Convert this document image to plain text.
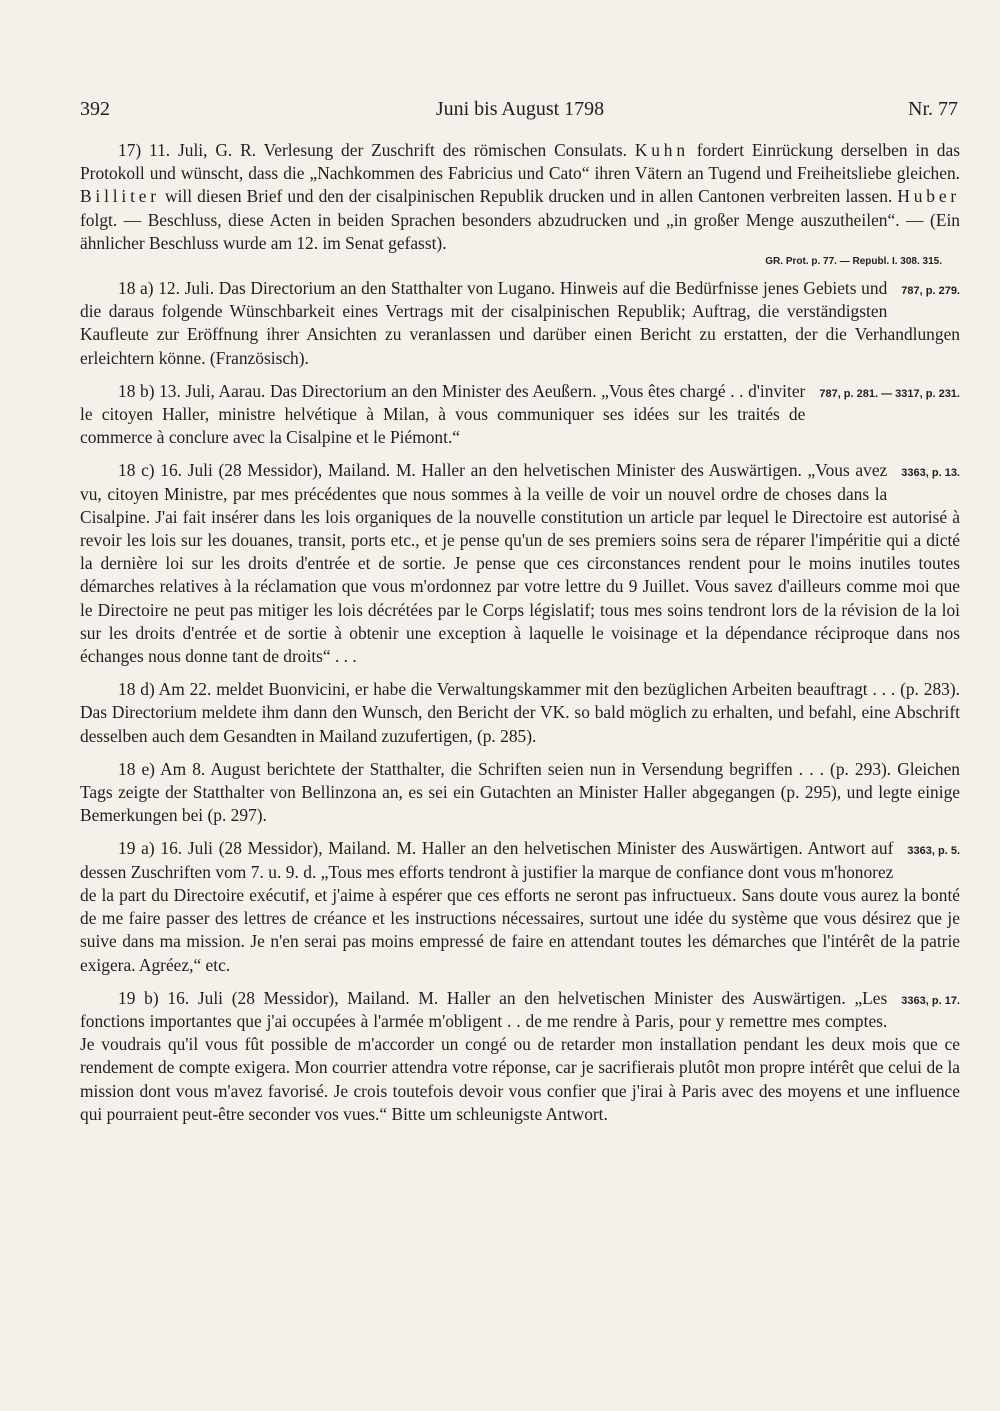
Juni bis August 1798
392	Nr. 77

17) 11. Juli, G. R. Verlesung der Zuschrift des römischen Consulats. Kuhn fordert Einrückung derselben in das Protokoll und wünscht, dass die „Nachkommen des Fabricius und Cato“ ihren Vätern an Tugend und Freiheitsliebe gleichen. Billiter will diesen Brief und den der cisalpinischen Republik drucken und in allen Cantonen verbreiten lassen. Huber folgt. — Beschluss, diese Acten in beiden Sprachen besonders abzudrucken und „in großer Menge auszutheilen“. — (Ein ähnlicher Beschluss wurde am 12. im Senat gefasst).

GR. Prot. p. 77. — Republ. I. 308. 315.

787, p. 279.
18 a) 12. Juli. Das Directorium an den Statthalter von Lugano. Hinweis auf die Bedürfnisse jenes Gebiets und die daraus folgende Wünschbarkeit eines Vertrags mit der cisalpinischen Republik; Auftrag, die verständigsten Kaufleute zur Eröffnung ihrer Ansichten zu veranlassen und darüber einen Bericht zu erstatten, der die Verhandlungen erleichtern könne. (Französisch).

787, p. 281. — 3317, p. 231.
18 b) 13. Juli, Aarau. Das Directorium an den Minister des Aeußern. „Vous êtes chargé . . d'inviter le citoyen Haller, ministre helvétique à Milan, à vous communiquer ses idées sur les traités de commerce à conclure avec la Cisalpine et le Piémont.“

3363, p. 13.
18 c) 16. Juli (28 Messidor), Mailand. M. Haller an den helvetischen Minister des Auswärtigen. „Vous avez vu, citoyen Ministre, par mes précédentes que nous sommes à la veille de voir un nouvel ordre de choses dans la Cisalpine. J'ai fait insérer dans les lois organiques de la nouvelle constitution un article par lequel le Directoire est autorisé à revoir les lois sur les douanes, transit, ports etc., et je pense qu'un de ses premiers soins sera de réparer l'impéritie qui a dicté la dernière loi sur les droits d'entrée et de sortie. Je pense que ces circonstances rendent pour le moins inutiles toutes démarches relatives à la réclamation que vous m'ordonnez par votre lettre du 9 Juillet. Vous savez d'ailleurs comme moi que le Directoire ne peut pas mitiger les lois décrétées par le Corps législatif; tous mes soins tendront lors de la révision de la loi sur les droits d'entrée et de sortie à obtenir une exception à laquelle le voisinage et la dépendance réciproque dans nos échanges nous donne tant de droits“ . . .

18 d) Am 22. meldet Buonvicini, er habe die Verwaltungskammer mit den bezüglichen Arbeiten beauftragt . . . (p. 283). Das Directorium meldete ihm dann den Wunsch, den Bericht der VK. so bald möglich zu erhalten, und befahl, eine Abschrift desselben auch dem Gesandten in Mailand zuzufertigen, (p. 285).

18 e) Am 8. August berichtete der Statthalter, die Schriften seien nun in Versendung begriffen . . . (p. 293). Gleichen Tags zeigte der Statthalter von Bellinzona an, es sei ein Gutachten an Minister Haller abgegangen (p. 295), und legte einige Bemerkungen bei (p. 297).

3363, p. 5.
19 a) 16. Juli (28 Messidor), Mailand. M. Haller an den helvetischen Minister des Auswärtigen. Antwort auf dessen Zuschriften vom 7. u. 9. d. „Tous mes efforts tendront à justifier la marque de confiance dont vous m'honorez de la part du Directoire exécutif, et j'aime à espérer que ces efforts ne seront pas infructueux. Sans doute vous aurez la bonté de me faire passer des lettres de créance et les instructions nécessaires, surtout une idée du système que vous désirez que je suive dans ma mission. Je n'en serai pas moins empressé de faire en attendant toutes les démarches que l'intérêt de la patrie exigera. Agréez,“ etc.

3363, p. 17.
19 b) 16. Juli (28 Messidor), Mailand. M. Haller an den helvetischen Minister des Auswärtigen. „Les fonctions importantes que j'ai occupées à l'armée m'obligent . . de me rendre à Paris, pour y remettre mes comptes. Je voudrais qu'il vous fût possible de m'accorder un congé ou de retarder mon installation pendant les deux mois que ce rendement de compte exigera. Mon courrier attendra votre réponse, car je sacrifierais plutôt mon propre intérêt que celui de la mission dont vous m'avez favorisé. Je crois toutefois devoir vous confier que j'irai à Paris avec des moyens et une influence qui pourraient peut-être seconder vos vues.“ Bitte um schleunigste Antwort.
